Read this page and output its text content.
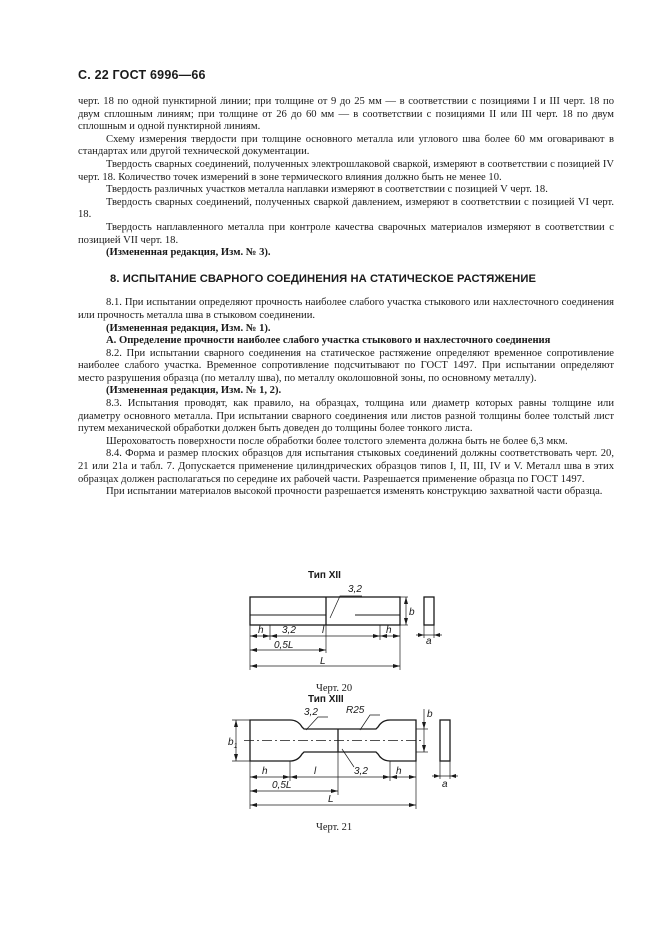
С. 22 ГОСТ 6996—66

черт. 18 по одной пунктирной линии; при толщине от 9 до 25 мм — в соответствии с позициями I и III черт. 18 по двум сплошным линиям; при толщине от 26 до 60 мм — в соответствии с позициями II или III черт. 18 по двум сплошным и одной пунктирной линиям.

Схему измерения твердости при толщине основного металла или углового шва более 60 мм оговаривают в стандартах или другой технической документации.

Твердость сварных соединений, полученных электрошлаковой сваркой, измеряют в соответствии с позицией IV черт. 18. Количество точек измерений в зоне термического влияния должно быть не менее 10.

Твердость различных участков металла наплавки измеряют в соответствии с позицией V черт. 18.

Твердость сварных соединений, полученных сваркой давлением, измеряют в соответствии с позицией VI черт. 18.

Твердость наплавленного металла при контроле качества сварочных материалов измеряют в соответствии с позицией VII черт. 18.

(Измененная редакция, Изм. № 3).

8. ИСПЫТАНИЕ СВАРНОГО СОЕДИНЕНИЯ НА СТАТИЧЕСКОЕ РАСТЯЖЕНИЕ

8.1. При испытании определяют прочность наиболее слабого участка стыкового или нахлесточного соединения или прочность металла шва в стыковом соединении.

(Измененная редакция, Изм. № 1).

А. Определение прочности наиболее слабого участка стыкового и нахлесточного соединения

8.2. При испытании сварного соединения на статическое растяжение определяют временное сопротивление наиболее слабого участка. Временное сопротивление подсчитывают по ГОСТ 1497. При испытании определяют место разрушения образца (по металлу шва), по металлу околошовной зоны, по основному металлу).

(Измененная редакция, Изм. № 1, 2).

8.3. Испытания проводят, как правило, на образцах, толщина или диаметр которых равны толщине или диаметру основного металла. При испытании сварного соединения или листов разной толщины более толстый лист путем механической обработки должен быть доведен до толщины более тонкого листа.

Шероховатость поверхности после обработки более толстого элемента должна быть не более 6,3 мкм.

8.4. Форма и размер плоских образцов для испытания стыковых соединений должны соответствовать черт. 20, 21 или 21а и табл. 7. Допускается применение цилиндрических образцов типов I, II, III, IV и V. Металл шва в этих образцах должен располагаться по середине их рабочей части. Разрешается применение образца по ГОСТ 1497.

При испытании материалов высокой прочности разрешается изменять конструкцию захватной части образца.

Тип XII
3,2
h 3,2	l	h
0,5L
L
b
a
Черт. 20
Тип XIII
3,2	R25
$b_1$
b
a
h	l	3,2	h
0,5L
L
Черт. 21
